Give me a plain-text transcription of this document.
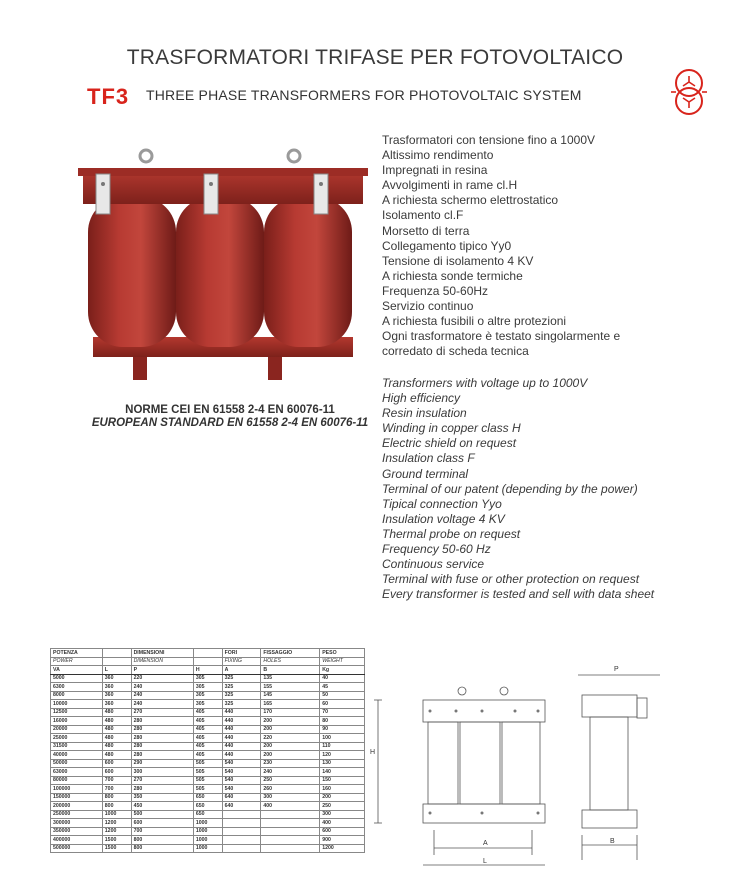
TRASFORMATORI TRIFASE PER FOTOVOLTAICO
TF3 THREE PHASE TRANSFORMERS FOR PHOTOVOLTAIC SYSTEM
NORME CEI EN 61558 2-4 EN 60076-11
EUROPEAN STANDARD EN 61558 2-4 EN 60076-11
Trasformatori con tensione fino a 1000V
Altissimo rendimento
Impregnati in resina
Avvolgimenti in rame cl.H
A richiesta schermo elettrostatico
Isolamento cl.F
Morsetto di terra
Collegamento tipico Yy0
Tensione di isolamento 4 KV
A richiesta sonde termiche
Frequenza 50-60Hz
Servizio continuo
A richiesta fusibili o altre protezioni
Ogni trasformatore è testato singolarmente e
corredato di scheda tecnica
Transformers with voltage up to 1000V
High efficiency
Resin insulation
Winding in copper class H
Electric shield on request
Insulation class F
Ground terminal
Terminal of our patent (depending by the power)
Tipical connection Yyo
Insulation voltage 4 KV
Thermal probe on request
Frequency 50-60 Hz
Continuous service
Terminal with fuse or other protection on request
Every transformer is tested and sell with data sheet
POTENZA		DIMENSIONI		FORI	FISSAGGIO	PESO
POWER		DIMENSION		FIXING	HOLES	WEIGHT
VA	L	P	H	A	B	Kg
5000	360	220	305	325	135	40
6300	360	240	305	325	155	45
8000	360	240	305	325	145	50
10000	360	240	305	325	165	60
12500	480	270	405	440	170	70
16000	480	280	405	440	200	80
20000	480	280	405	440	200	90
25000	480	280	405	440	220	100
31500	480	280	405	440	200	110
40000	480	280	405	440	200	120
50000	600	290	505	540	230	130
63000	600	300	505	540	240	140
80000	700	270	505	540	250	150
100000	700	280	505	540	260	160
150000	800	350	650	640	300	200
200000	800	450	650	640	400	250
250000	1000	500	650			300
300000	1200	600	1000			400
350000	1200	700	1000			600
400000	1500	800	1000			900
500000	1500	800	1000			1200
H
A
L
P
B
